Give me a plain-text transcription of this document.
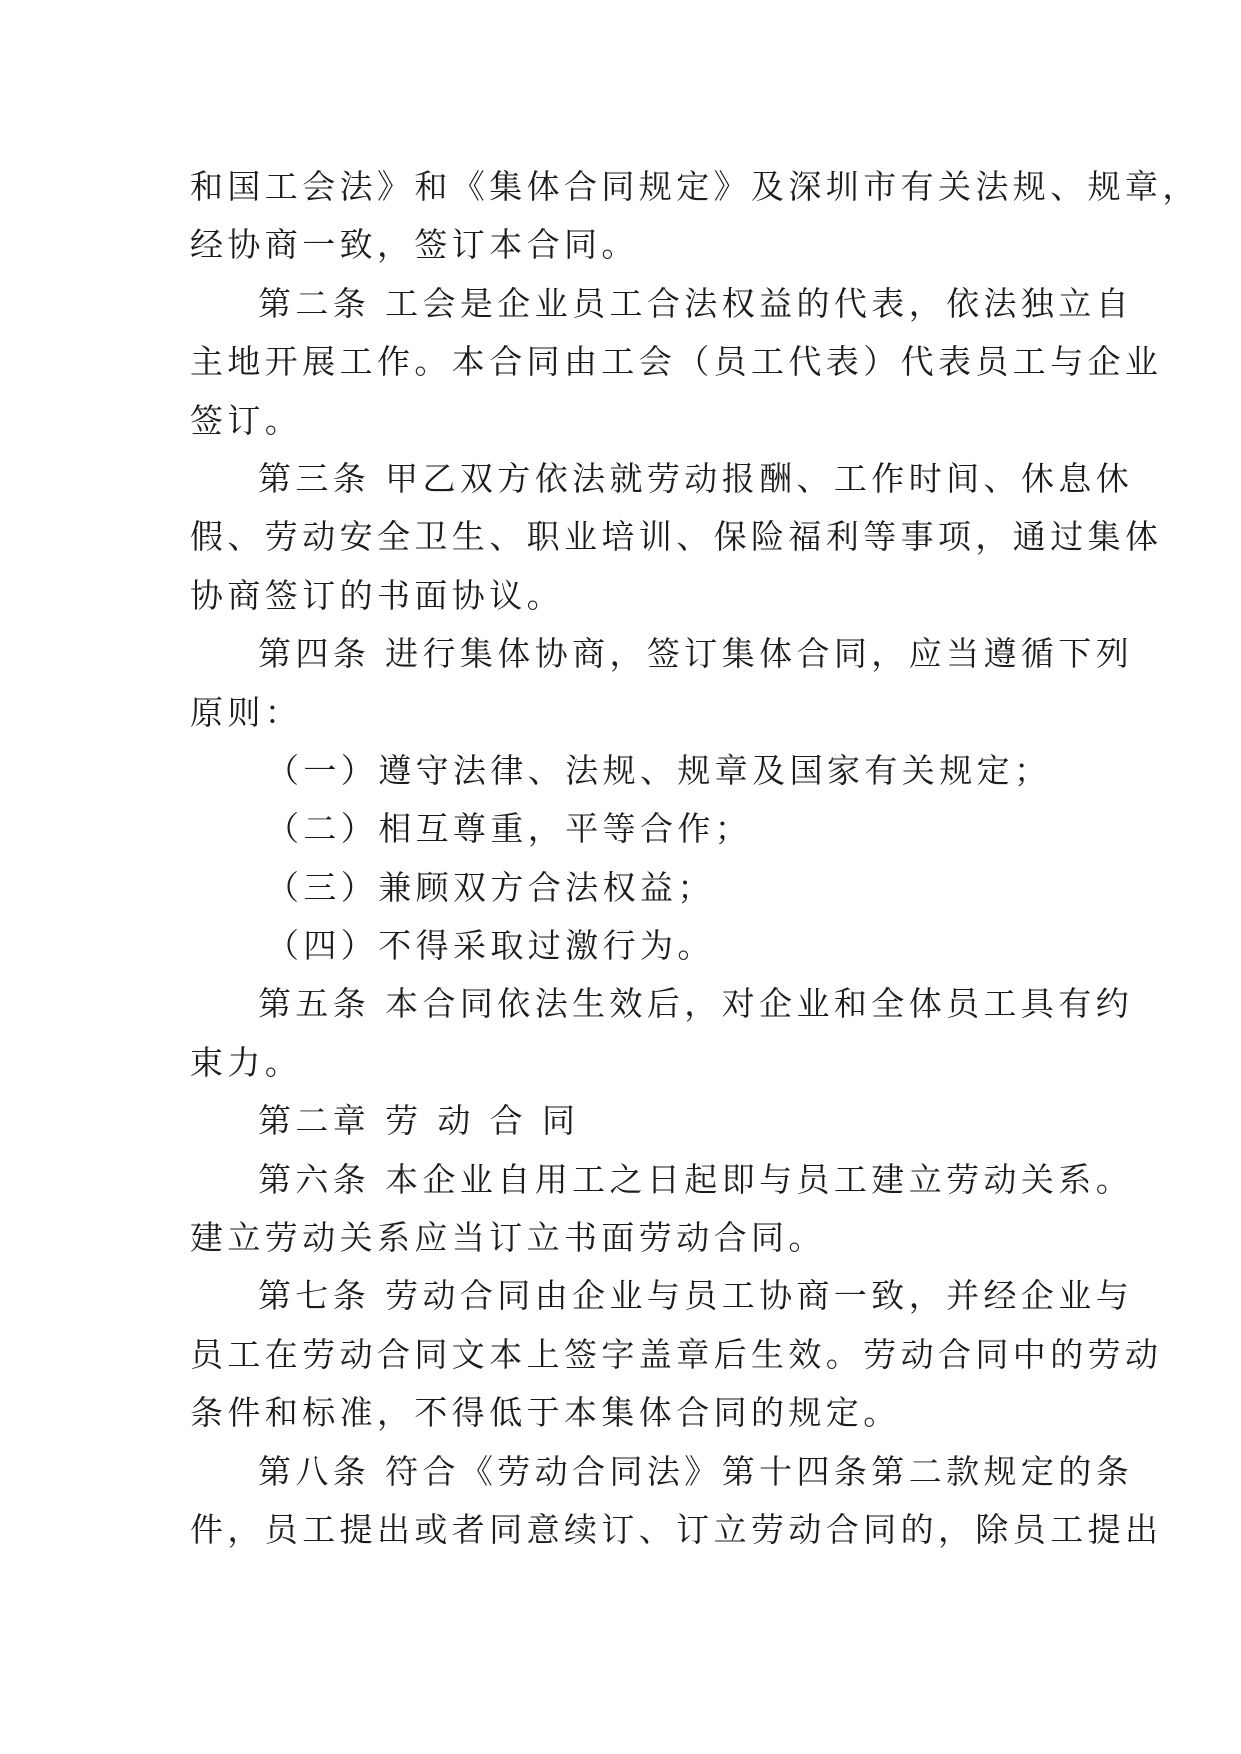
和国工会法》和《集体合同规定》及深圳市有关法规、规章，
经协商一致，签订本合同。
第二条 工会是企业员工合法权益的代表，依法独立自
主地开展工作。本合同由工会（员工代表）代表员工与企业
签订。
第三条 甲乙双方依法就劳动报酬、工作时间、休息休
假、劳动安全卫生、职业培训、保险福利等事项，通过集体
协商签订的书面协议。
第四条 进行集体协商，签订集体合同，应当遵循下列
原则：
（一）遵守法律、法规、规章及国家有关规定；
（二）相互尊重，平等合作；
（三）兼顾双方合法权益；
（四）不得采取过激行为。
第五条 本合同依法生效后，对企业和全体员工具有约
束力。
第二章 劳 动 合 同
第六条 本企业自用工之日起即与员工建立劳动关系。
建立劳动关系应当订立书面劳动合同。
第七条 劳动合同由企业与员工协商一致，并经企业与
员工在劳动合同文本上签字盖章后生效。劳动合同中的劳动
条件和标准，不得低于本集体合同的规定。
第八条 符合《劳动合同法》第十四条第二款规定的条
件，员工提出或者同意续订、订立劳动合同的，除员工提出
